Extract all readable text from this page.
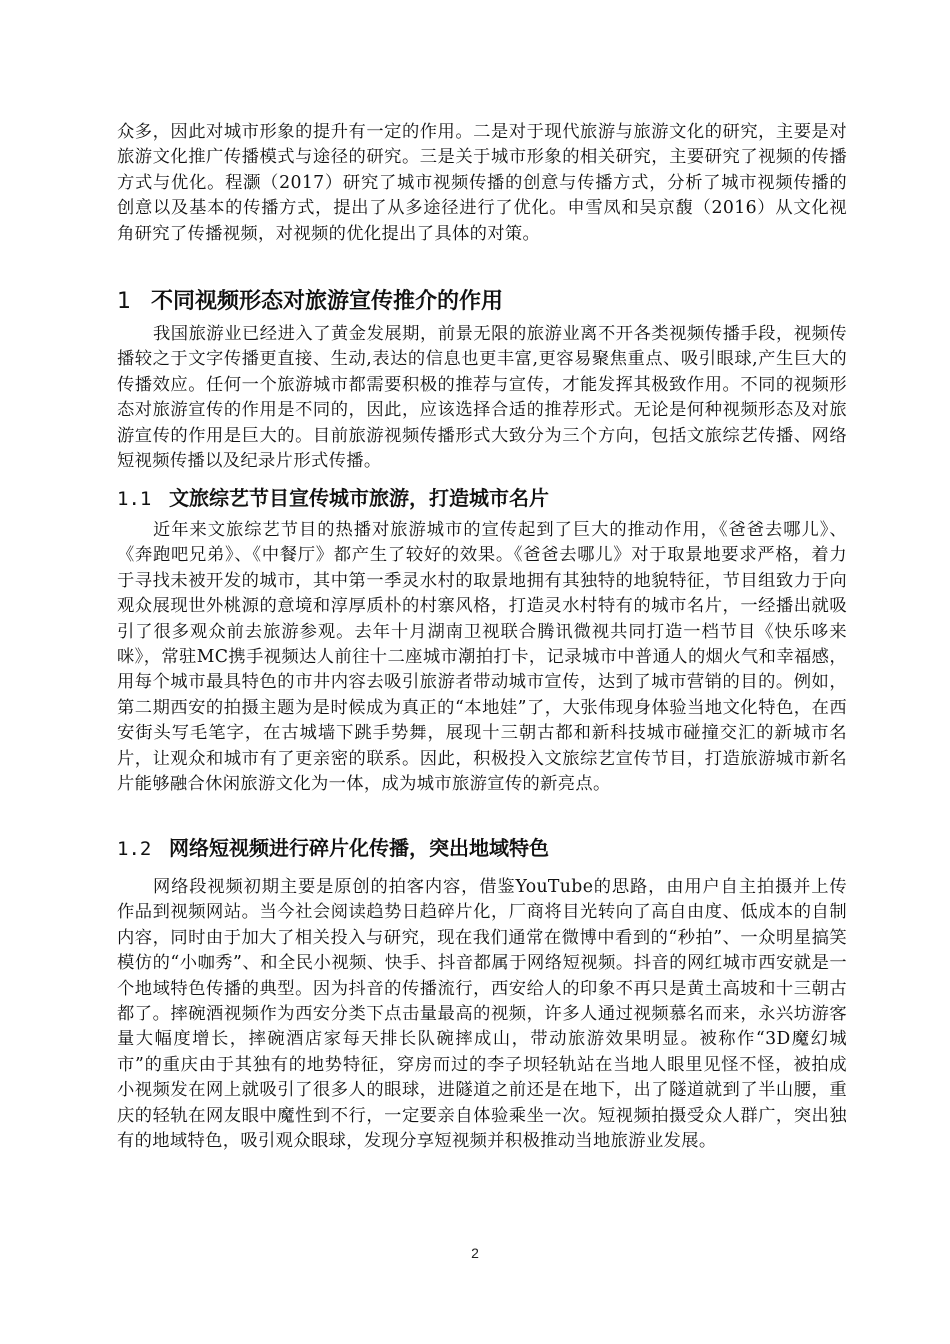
众多，因此对城市形象的提升有一定的作用。二是对于现代旅游与旅游文化的研究，主要是对旅游文化推广传播模式与途径的研究。三是关于城市形象的相关研究，主要研究了视频的传播方式与优化。程灏（2017）研究了城市视频传播的创意与传播方式，分析了城市视频传播的创意以及基本的传播方式，提出了从多途径进行了优化。申雪凤和吴京馥（2016）从文化视角研究了传播视频，对视频的优化提出了具体的对策。

1 不同视频形态对旅游宣传推介的作用

我国旅游业已经进入了黄金发展期，前景无限的旅游业离不开各类视频传播手段，视频传播较之于文字传播更直接、生动,表达的信息也更丰富,更容易聚焦重点、吸引眼球,产生巨大的传播效应。任何一个旅游城市都需要积极的推荐与宣传，才能发挥其极致作用。不同的视频形态对旅游宣传的作用是不同的，因此，应该选择合适的推荐形式。无论是何种视频形态及对旅游宣传的作用是巨大的。目前旅游视频传播形式大致分为三个方向，包括文旅综艺传播、网络短视频传播以及纪录片形式传播。

1.1 文旅综艺节目宣传城市旅游，打造城市名片

近年来文旅综艺节目的热播对旅游城市的宣传起到了巨大的推动作用，《爸爸去哪儿》、《奔跑吧兄弟》、《中餐厅》都产生了较好的效果。《爸爸去哪儿》对于取景地要求严格，着力于寻找未被开发的城市，其中第一季灵水村的取景地拥有其独特的地貌特征，节目组致力于向观众展现世外桃源的意境和淳厚质朴的村寨风格，打造灵水村特有的城市名片，一经播出就吸引了很多观众前去旅游参观。去年十月湖南卫视联合腾讯微视共同打造一档节目《快乐哆来咪》，常驻MC携手视频达人前往十二座城市潮拍打卡，记录城市中普通人的烟火气和幸福感，用每个城市最具特色的市井内容去吸引旅游者带动城市宣传，达到了城市营销的目的。例如，第二期西安的拍摄主题为是时候成为真正的“本地娃”了，大张伟现身体验当地文化特色，在西安街头写毛笔字，在古城墙下跳手势舞，展现十三朝古都和新科技城市碰撞交汇的新城市名片，让观众和城市有了更亲密的联系。因此，积极投入文旅综艺宣传节目，打造旅游城市新名片能够融合休闲旅游文化为一体，成为城市旅游宣传的新亮点。

1.2 网络短视频进行碎片化传播，突出地域特色

网络段视频初期主要是原创的拍客内容，借鉴YouTube的思路，由用户自主拍摄并上传作品到视频网站。当今社会阅读趋势日趋碎片化，厂商将目光转向了高自由度、低成本的自制内容，同时由于加大了相关投入与研究，现在我们通常在微博中看到的“秒拍”、一众明星搞笑模仿的“小咖秀”、和全民小视频、快手、抖音都属于网络短视频。抖音的网红城市西安就是一个地域特色传播的典型。因为抖音的传播流行，西安给人的印象不再只是黄土高坡和十三朝古都了。摔碗酒视频作为西安分类下点击量最高的视频，许多人通过视频慕名而来，永兴坊游客量大幅度增长，摔碗酒店家每天排长队碗摔成山，带动旅游效果明显。被称作“3D魔幻城市”的重庆由于其独有的地势特征，穿房而过的李子坝轻轨站在当地人眼里见怪不怪，被拍成小视频发在网上就吸引了很多人的眼球，进隧道之前还是在地下，出了隧道就到了半山腰，重庆的轻轨在网友眼中魔性到不行，一定要亲自体验乘坐一次。短视频拍摄受众人群广，突出独有的地域特色，吸引观众眼球，发现分享短视频并积极推动当地旅游业发展。

2
